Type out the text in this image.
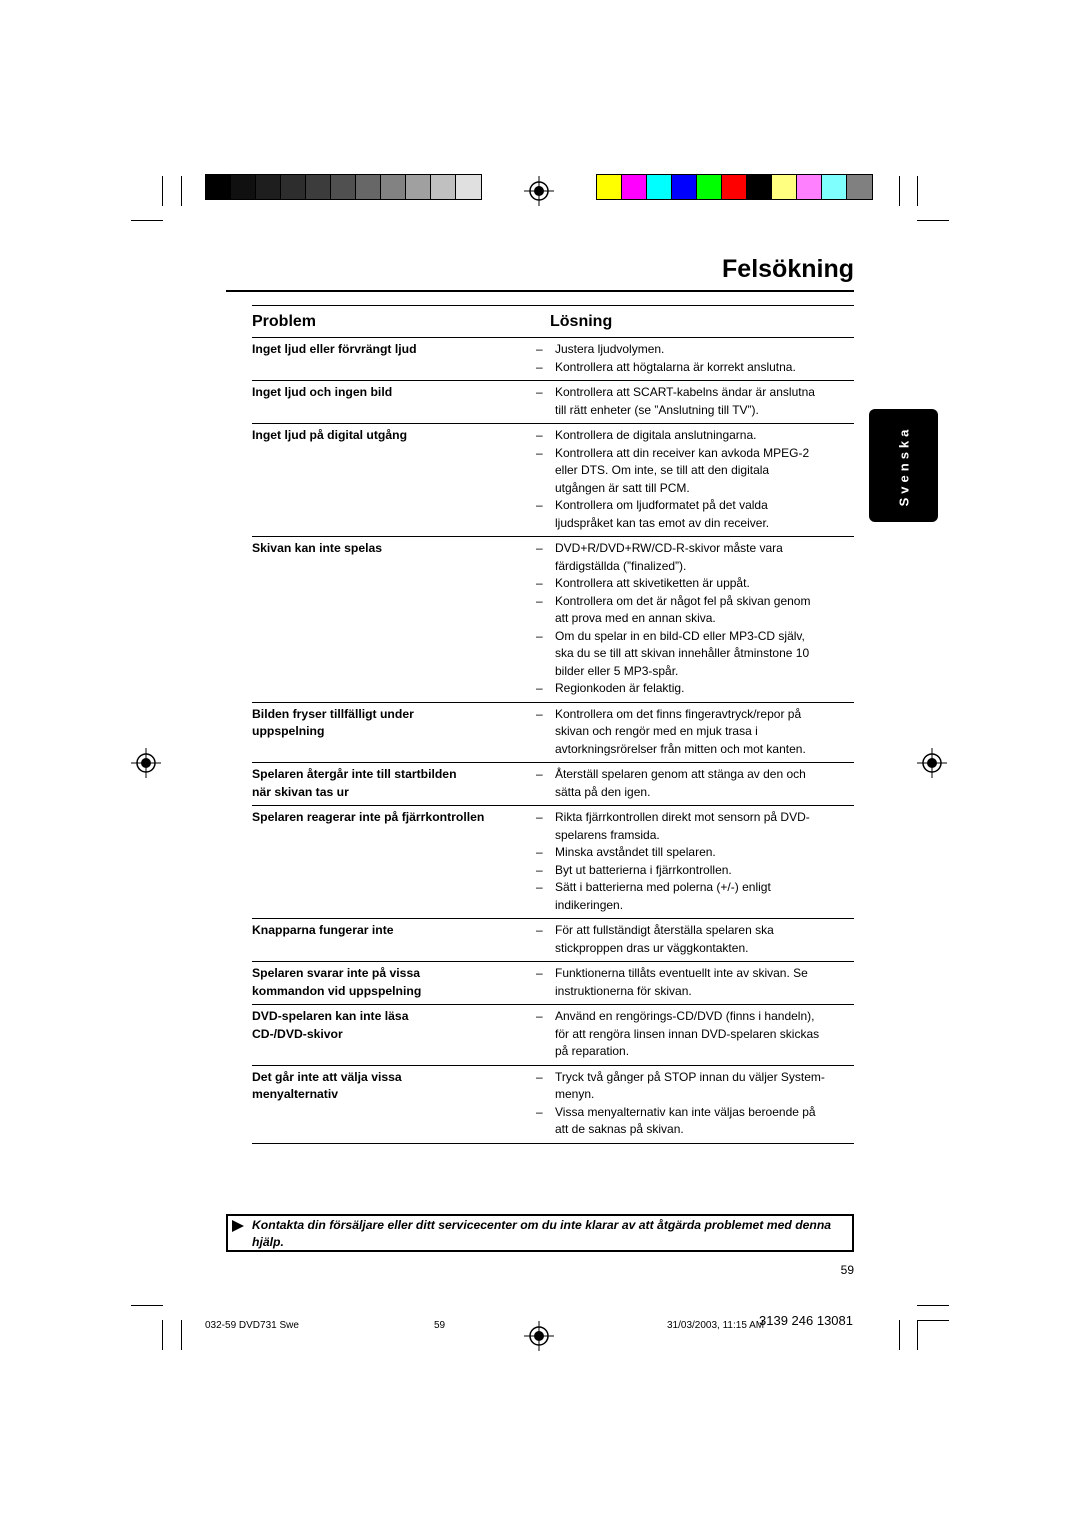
Felsökning
Svenska
Problem	Lösning
Inget ljud eller förvrängt ljud	–	Justera ljudvolymen.
–	Kontrollera att högtalarna är korrekt anslutna.
Inget ljud och ingen bild	–	Kontrollera att SCART-kabelns ändar är anslutna
till rätt enheter (se ”Anslutning till TV”).
Inget ljud på digital utgång	–	Kontrollera de digitala anslutningarna.
–	Kontrollera att din receiver kan avkoda MPEG-2
eller DTS. Om inte, se till att den digitala
utgången är satt till PCM.
–	Kontrollera om ljudformatet på det valda
ljudspråket kan tas emot av din receiver.
Skivan kan inte spelas	–	DVD+R/DVD+RW/CD-R-skivor måste vara
färdigställda (”finalized”).
–	Kontrollera att skivetiketten är uppåt.
–	Kontrollera om det är något fel på skivan genom
att prova med en annan skiva.
–	Om du spelar in en bild-CD eller MP3-CD själv,
ska du se till att skivan innehåller åtminstone 10
bilder eller 5 MP3-spår.
–	Regionkoden är felaktig.
Bilden fryser tillfälligt under
uppspelning
–	Kontrollera om det finns fingeravtryck/repor på
skivan och rengör med en mjuk trasa i
avtorkningsrörelser från mitten och mot kanten.
Spelaren återgår inte till startbilden
när skivan tas ur
–	Återställ spelaren genom att stänga av den och
sätta på den igen.
Spelaren reagerar inte på fjärrkontrollen	–	Rikta fjärrkontrollen direkt mot sensorn på DVD-
spelarens framsida.
–	Minska avståndet till spelaren.
–	Byt ut batterierna i fjärrkontrollen.
–	Sätt i batterierna med polerna (+/-) enligt
indikeringen.
Knapparna fungerar inte	–	För att fullständigt återställa spelaren ska
stickproppen dras ur väggkontakten.
Spelaren svarar inte på vissa
kommandon vid uppspelning
–	Funktionerna tillåts eventuellt inte av skivan. Se
instruktionerna för skivan.
DVD-spelaren kan inte läsa
CD-/DVD-skivor
–	Använd en rengörings-CD/DVD (finns i handeln),
för att rengöra linsen innan DVD-spelaren skickas
på reparation.
Det går inte att välja vissa
menyalternativ
–	Tryck två gånger på STOP innan du väljer System-
menyn.
–	Vissa menyalternativ kan inte väljas beroende på
att de saknas på skivan.

Kontakta din försäljare eller ditt servicecenter om du inte klarar av att åtgärda problemet med denna hjälp.

59
032-59 DVD731 Swe	59	31/03/2003, 11:15 AM
3139 246 13081
